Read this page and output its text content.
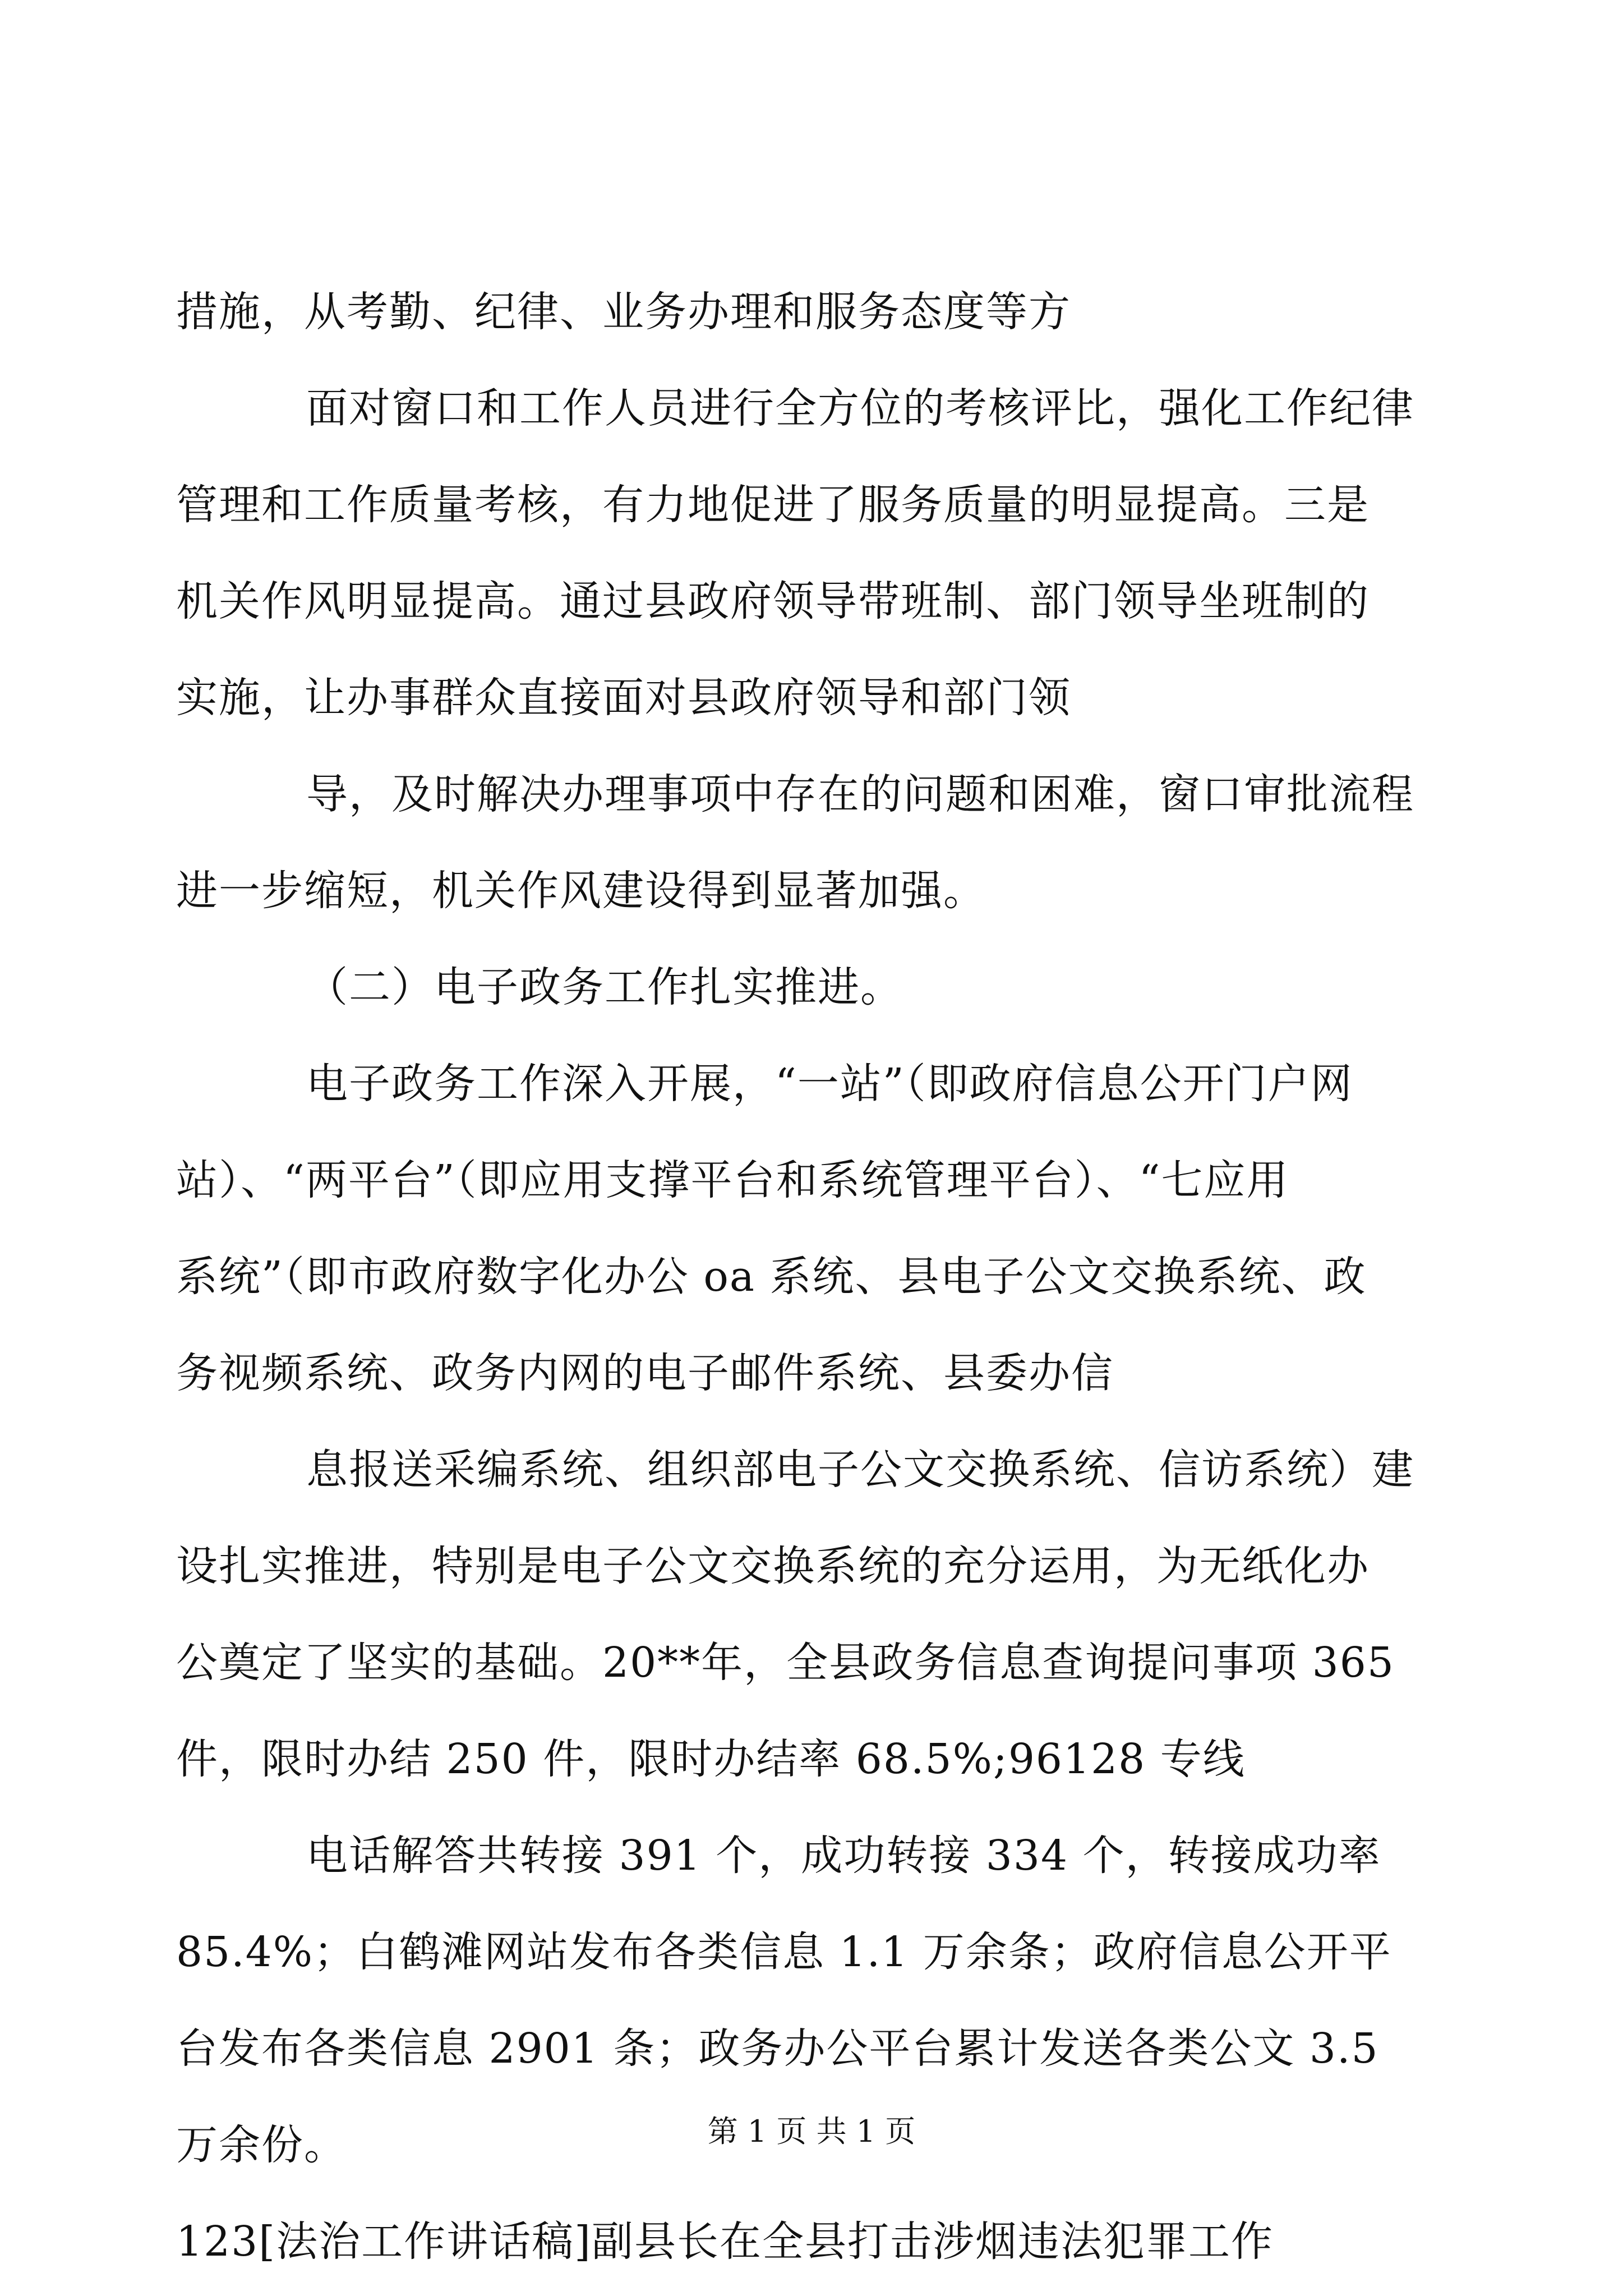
措施，从考勤、纪律、业务办理和服务态度等方
面对窗口和工作人员进行全方位的考核评比，强化工作纪律
管理和工作质量考核，有力地促进了服务质量的明显提高。三是
机关作风明显提高。通过县政府领导带班制、部门领导坐班制的
实施，让办事群众直接面对县政府领导和部门领
导，及时解决办理事项中存在的问题和困难，窗口审批流程
进一步缩短，机关作风建设得到显著加强。
（二）电子政务工作扎实推进。
电子政务工作深入开展，“一站”（即政府信息公开门户网
站）、“两平台”（即应用支撑平台和系统管理平台）、“七应用
系统”（即市政府数字化办公 oa 系统、县电子公文交换系统、政
务视频系统、政务内网的电子邮件系统、县委办信
息报送采编系统、组织部电子公文交换系统、信访系统）建
设扎实推进，特别是电子公文交换系统的充分运用，为无纸化办
公奠定了坚实的基础。20**年，全县政务信息查询提问事项 365
件，限时办结 250 件，限时办结率 68.5%;96128 专线
电话解答共转接 391 个，成功转接 334 个，转接成功率
85.4%；白鹤滩网站发布各类信息 1.1 万余条；政府信息公开平
台发布各类信息 2901 条；政务办公平台累计发送各类公文 3.5
万余份。
123[法治工作讲话稿]副县长在全县打击涉烟违法犯罪工作
第 1 页 共 1 页
